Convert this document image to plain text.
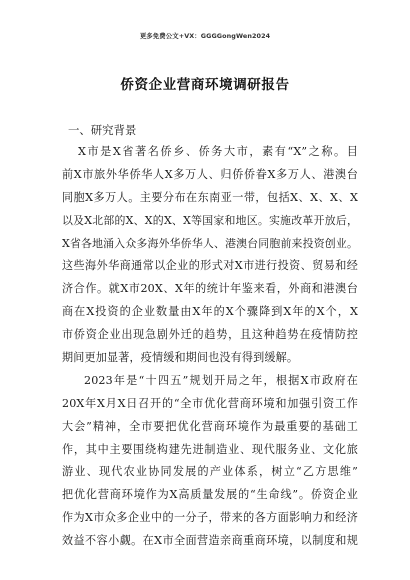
更多免费公文+VX：GGGGongWen2024
侨资企业营商环境调研报告
一、研究背景
X市是X省著名侨乡、侨务大市，素有“X”之称。目
前X市旅外华侨华人X多万人、归侨侨眷X多万人、港澳台
同胞X多万人。主要分布在东南亚一带，包括X、X、X、X
以及X北部的X、X的X、X等国家和地区。实施改革开放后，
X省各地涌入众多海外华侨华人、港澳台同胞前来投资创业。
这些海外华商通常以企业的形式对X市进行投资、贸易和经
济合作。就X市20X、X年的统计年鉴来看，外商和港澳台
商在X投资的企业数量由X年的X个骤降到X年的X个，X
市侨资企业出现急剧外迁的趋势，且这种趋势在疫情防控
期间更加显著，疫情缓和期间也没有得到缓解。
2023年是“十四五”规划开局之年，根据X市政府在
20X年X月X日召开的“全市优化营商环境和加强引资工作
大会”精神，全市要把优化营商环境作为最重要的基础工
作，其中主要围绕构建先进制造业、现代服务业、文化旅
游业、现代农业协同发展的产业体系，树立“乙方思维”
把优化营商环境作为X高质量发展的“生命线”。侨资企业
作为X市众多企业中的一分子，带来的各方面影响力和经济
效益不容小觑。在X市全面营造亲商重商环境，以制度和规
